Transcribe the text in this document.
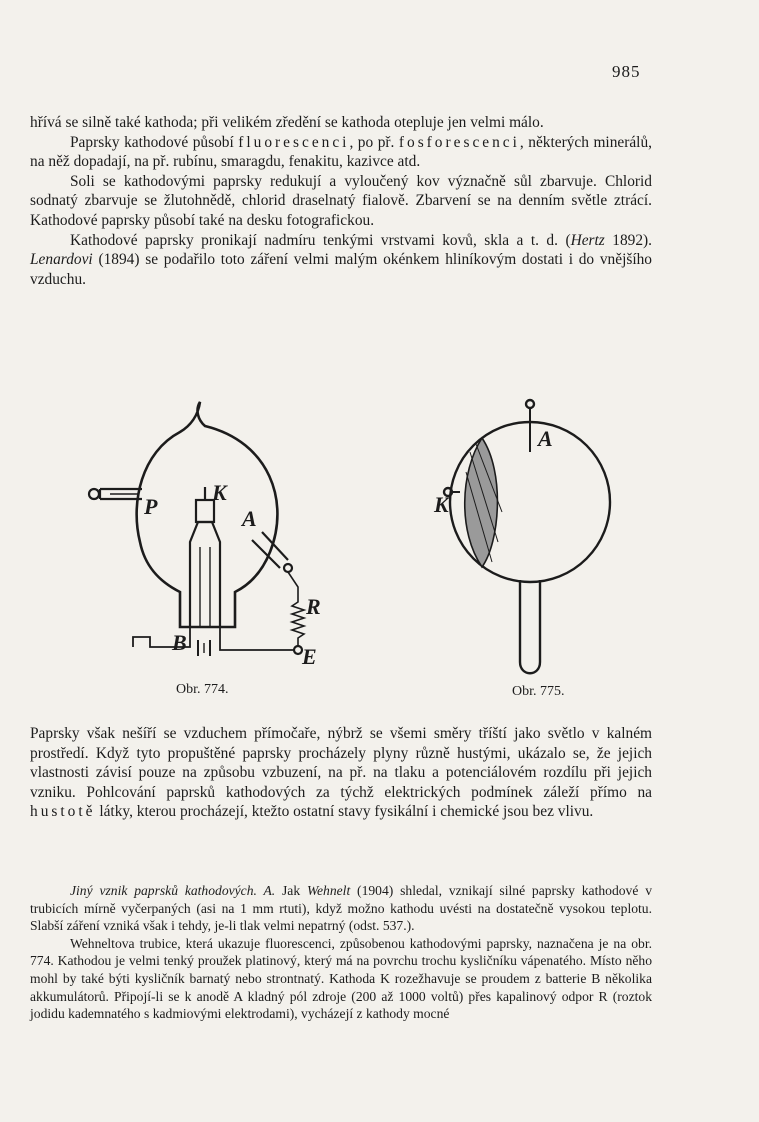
985

hřívá se silně také kathoda; při velikém zředění se kathoda otepluje jen velmi málo.

Paprsky kathodové působí fluorescenci, po př. fosforescenci, některých minerálů, na něž dopadají, na př. rubínu, smaragdu, fenakitu, kazivce atd.

Soli se kathodovými paprsky redukují a vyloučený kov význačně sůl zbarvuje. Chlorid sodnatý zbarvuje se žlutohnědě, chlorid draselnatý fialově. Zbarvení se na denním světle ztrácí. Kathodové paprsky působí také na desku fotografickou.

Kathodové paprsky pronikají nadmíru tenkými vrstvami kovů, skla a t. d. (Hertz 1892). Lenardovi (1894) se podařilo toto záření velmi malým okénkem hliníkovým dostati i do vnějšího vzduchu.

P
K
A
R
B
E
A
K
Obr. 774.	Obr. 775.

Paprsky však nešíří se vzduchem přímočaře, nýbrž se všemi směry tříští jako světlo v kalném prostředí. Když tyto propuštěné paprsky procházely plyny různě hustými, ukázalo se, že jejich vlastnosti závisí pouze na způsobu vzbuzení, na př. na tlaku a potenciálovém rozdílu při jejich vzniku. Pohlcování paprsků kathodových za týchž elektrických podmínek záleží přímo na hustotě látky, kterou procházejí, ktežto ostatní stavy fysikální i chemické jsou bez vlivu.

Jiný vznik paprsků kathodových. A. Jak Wehnelt (1904) shledal, vznikají silné paprsky kathodové v trubicích mírně vyčerpaných (asi na 1 mm rtuti), když možno kathodu uvésti na dostatečně vysokou teplotu. Slabší záření vzniká však i tehdy, je-li tlak velmi nepatrný (odst. 537.).

Wehneltova trubice, která ukazuje fluorescenci, způsobenou kathodovými paprsky, naznačena je na obr. 774. Kathodou je velmi tenký proužek platinový, který má na povrchu trochu kysličníku vápenatého. Místo něho mohl by také býti kysličník barnatý nebo strontnatý. Kathoda K rozežhavuje se proudem z batterie B několika akkumulátorů. Připojí-li se k anodě A kladný pól zdroje (200 až 1000 voltů) přes kapalinový odpor R (roztok jodidu kademnatého s kadmiovými elektrodami), vycházejí z kathody mocné
